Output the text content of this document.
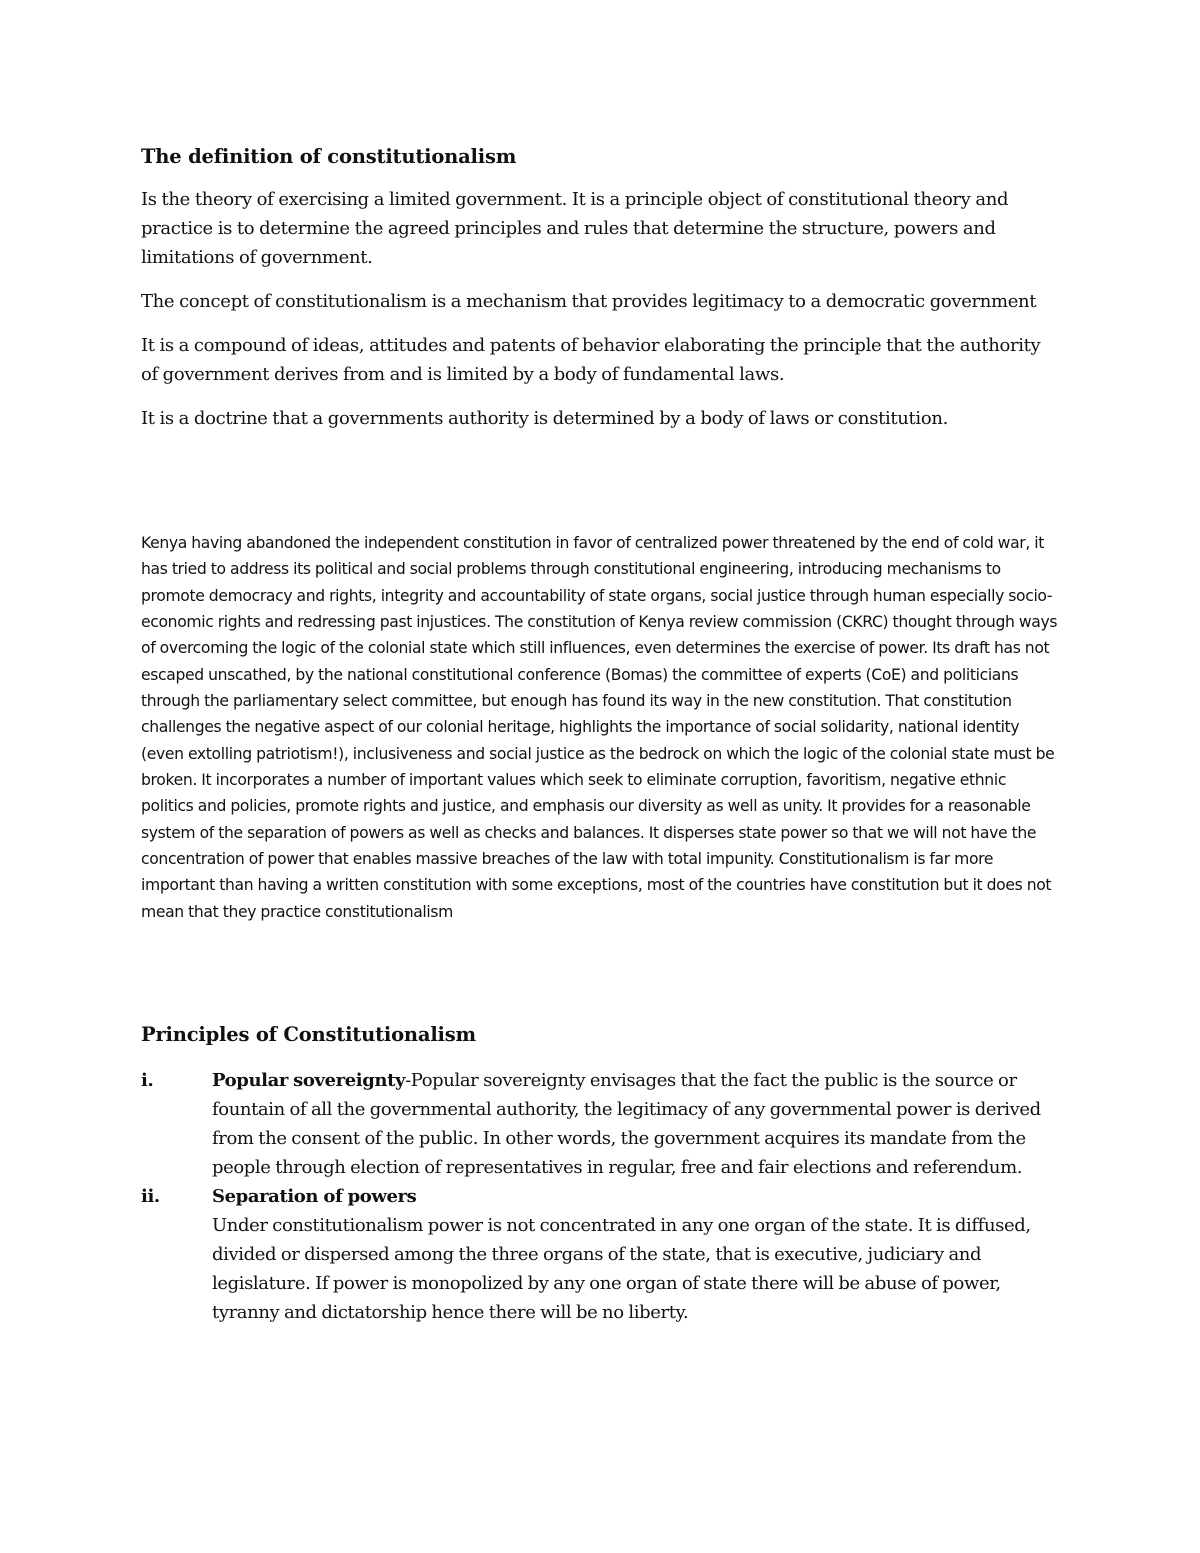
The definition of constitutionalism

Is the theory of exercising a limited government. It is a principle object of constitutional theory and practice is to determine the agreed principles and rules that determine the structure, powers and limitations of government.

The concept of constitutionalism is a mechanism that provides legitimacy to a democratic government

It is a compound of ideas, attitudes and patents of behavior elaborating the principle that the authority of government derives from and is limited by a body of fundamental laws.

It is a doctrine that a governments authority is determined by a body of laws or constitution.

Kenya having abandoned the independent constitution in favor of centralized power threatened by the end of cold war, it has tried to address its political and social problems through constitutional engineering, introducing mechanisms to promote democracy and rights, integrity and accountability of state organs, social justice through human especially socio-economic rights and redressing past injustices. The constitution of Kenya review commission (CKRC) thought through ways of overcoming the logic of the colonial state which still influences, even determines the exercise of power. Its draft has not escaped unscathed, by the national constitutional conference (Bomas) the committee of experts (CoE) and politicians through the parliamentary select committee, but enough has found its way in the new constitution. That constitution challenges the negative aspect of our colonial heritage, highlights the importance of social solidarity, national identity (even extolling patriotism!), inclusiveness and social justice as the bedrock on which the logic of the colonial state must be broken. It incorporates a number of important values which seek to eliminate corruption, favoritism, negative ethnic politics and policies, promote rights and justice, and emphasis our diversity as well as unity. It provides for a reasonable system of the separation of powers as well as checks and balances. It disperses state power so that we will not have the concentration of power that enables massive breaches of the law with total impunity. Constitutionalism is far more important than having a written constitution with some exceptions, most of the countries have constitution but it does not mean that they practice constitutionalism

Principles of Constitutionalism
i.	Popular sovereignty-Popular sovereignty envisages that the fact the public is the source or fountain of all the governmental authority, the legitimacy of any governmental power is derived from the consent of the public. In other words, the government acquires its mandate from the people through election of representatives in regular, free and fair elections and referendum.
ii.	Separation of powers
Under constitutionalism power is not concentrated in any one organ of the state. It is diffused, divided or dispersed among the three organs of the state, that is executive, judiciary and legislature. If power is monopolized by any one organ of state there will be abuse of power, tyranny and dictatorship hence there will be no liberty.
